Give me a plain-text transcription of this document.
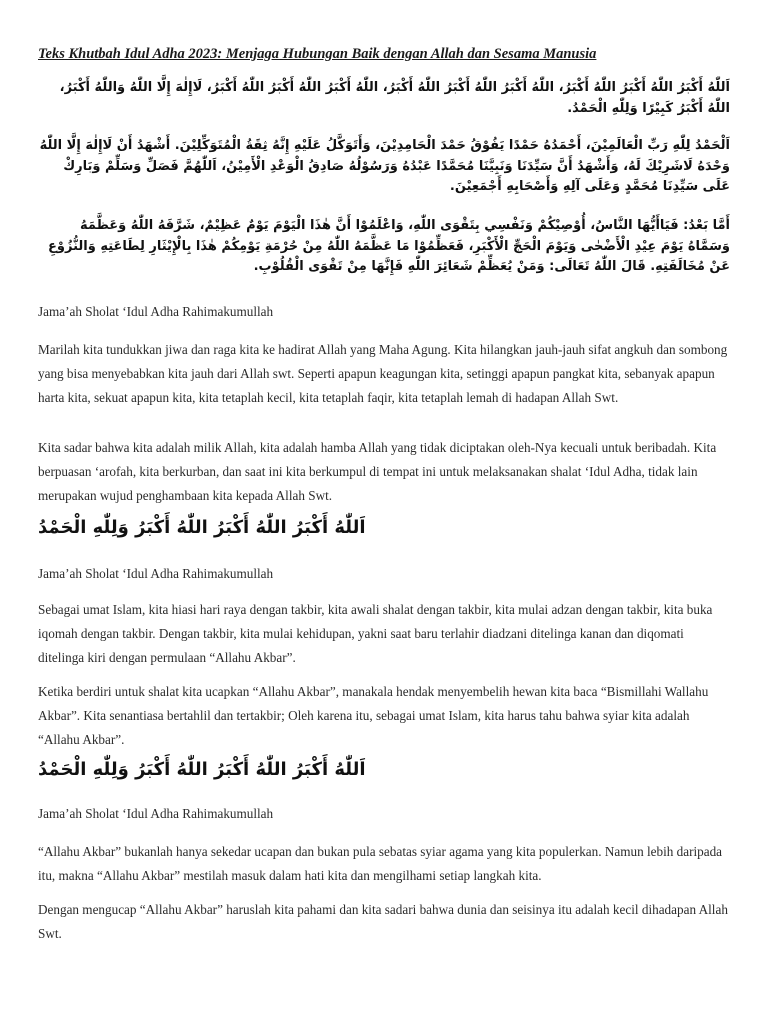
Teks Khutbah Idul Adha 2023: Menjaga Hubungan Baik dengan Allah dan Sesama Manusia
اَللّٰهُ أَكْبَرُ اللّٰهُ أَكْبَرُ اللّٰهُ أَكْبَرُ، اللّٰهُ أَكْبَرُ اللّٰهُ أَكْبَرُ اللّٰهُ أَكْبَرُ، اللّٰهُ أَكْبَرُ اللّٰهُ أَكْبَرُ اللّٰهُ أَكْبَرُ، لَاإِلٰهَ إِلَّا اللّٰهُ وَاللّٰهُ أَكْبَرُ، اللّٰهُ أَكْبَرُ كَبِيْرًا وَلِلّٰهِ الْحَمْدُ.
اَلْحَمْدُ لِلّٰهِ رَبِّ الْعَالَمِيْنَ، أَحْمَدُهُ حَمْدًا يَفُوْقُ حَمْدَ الْحَامِدِيْنَ، وَأَتَوَكَّلُ عَلَيْهِ إِنَّهُ ثِقَةُ الْمُتَوَكِّلِيْنَ. أَشْهَدُ أَنْ لَاإِلٰهَ إِلَّا اللّٰهُ وَحْدَهُ لَاشَرِيْكَ لَهُ، وَأَشْهَدُ أَنَّ سَيِّدَنَا وَنَبِيَّنَا مُحَمَّدًا عَبْدُهُ وَرَسُوْلُهُ صَادِقُ الْوَعْدِ الْأَمِيْنُ، اَللّٰهُمَّ فَصَلِّ وَسَلِّمْ وَبَارِكْ عَلَى سَيِّدِنَا مُحَمَّدٍ وَعَلَى آلِهِ وَأَصْحَابِهِ أَجْمَعِيْنَ.
أَمَّا بَعْدُ: فَيَاأَيُّهَا النَّاسُ، أُوْصِيْكُمْ وَنَفْسِي بِتَقْوَى اللّٰهِ، وَاعْلَمُوْا أَنَّ هٰذَا الْيَوْمَ يَوْمٌ عَظِيْمٌ، شَرَّفَهُ اللّٰهُ وَعَظَّمَهُ وَسَمَّاهُ يَوْمَ عِيْدِ الْأَضْحٰى وَيَوْمَ الْحَجِّ الْأَكْبَرِ، فَعَظِّمُوْا مَا عَظَّمَهُ اللّٰهُ مِنْ حُرْمَةِ يَوْمِكُمْ هٰذَا بِالْإِيْثَارِ لِطَاعَتِهِ وَالنُّزُوْعِ عَنْ مُخَالَفَتِهِ. قَالَ اللّٰهُ تَعَالَى: وَمَنْ يُعَظِّمْ شَعَائِرَ اللّٰهِ فَإِنَّهَا مِنْ تَقْوَى الْقُلُوْبِ.
Jama’ah Sholat ‘Idul Adha Rahimakumullah
Marilah kita tundukkan jiwa dan raga kita ke hadirat Allah yang Maha Agung. Kita hilangkan jauh-jauh sifat angkuh dan sombong yang bisa menyebabkan kita jauh dari Allah swt. Seperti apapun keagungan kita, setinggi apapun pangkat kita, sebanyak apapun harta kita, sekuat apapun kita, kita tetaplah kecil, kita tetaplah faqir, kita tetaplah lemah di hadapan Allah Swt.
Kita sadar bahwa kita adalah milik Allah, kita adalah hamba Allah yang tidak diciptakan oleh-Nya kecuali untuk beribadah. Kita berpuasan ‘arofah, kita berkurban, dan saat ini kita berkumpul di tempat ini untuk melaksanakan shalat ‘Idul Adha, tidak lain merupakan wujud penghambaan kita kepada Allah Swt.
اَللّٰهُ أَكْبَرُ اللّٰهُ أَكْبَرُ اللّٰهُ أَكْبَرُ وَلِلّٰهِ الْحَمْدُ
Jama’ah Sholat ‘Idul Adha Rahimakumullah
Sebagai umat Islam, kita hiasi hari raya dengan takbir, kita awali shalat dengan takbir, kita mulai adzan dengan takbir, kita buka iqomah dengan takbir. Dengan takbir, kita mulai kehidupan, yakni saat baru terlahir diadzani ditelinga kanan dan diqomati ditelinga kiri dengan permulaan “Allahu Akbar”.
Ketika berdiri untuk shalat kita ucapkan “Allahu Akbar”, manakala hendak menyembelih hewan kita baca “Bismillahi Wallahu Akbar”. Kita senantiasa bertahlil dan tertakbir; Oleh karena itu, sebagai umat Islam, kita harus tahu bahwa syiar kita adalah “Allahu Akbar”.
اَللّٰهُ أَكْبَرُ اللّٰهُ أَكْبَرُ اللّٰهُ أَكْبَرُ وَلِلّٰهِ الْحَمْدُ
Jama’ah Sholat ‘Idul Adha Rahimakumullah
“Allahu Akbar” bukanlah hanya sekedar ucapan dan bukan pula sebatas syiar agama yang kita populerkan. Namun lebih daripada itu, makna “Allahu Akbar” mestilah masuk dalam hati kita dan mengilhami setiap langkah kita.
Dengan mengucap “Allahu Akbar” haruslah kita pahami dan kita sadari bahwa dunia dan seisinya itu adalah kecil dihadapan Allah Swt.
